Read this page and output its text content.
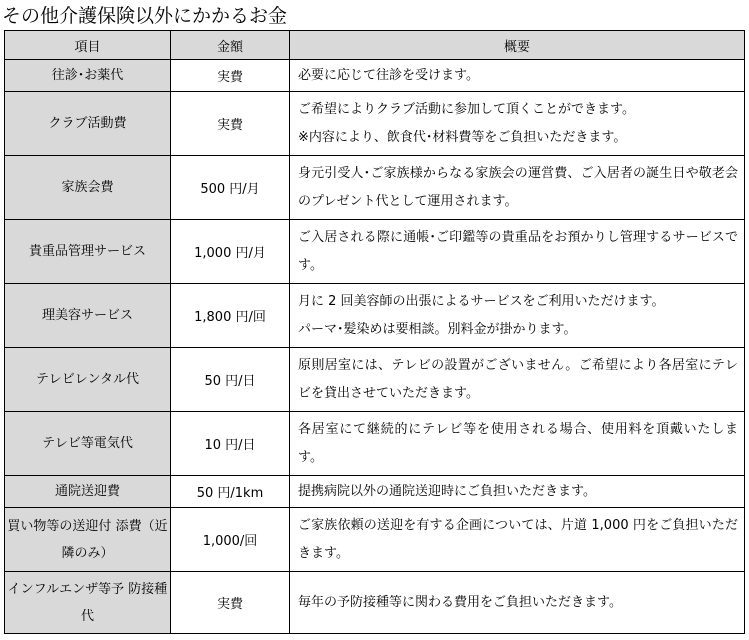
その他介護保険以外にかかるお金
項目	金額	概要
往診･お薬代	実費	必要に応じて往診を受けます。

クラブ活動費	実費	ご希望によりクラブ活動に参加して頂くことができます。
※内容により、飲食代･材料費等をご負担いただきます。

家族会費	500 円/月	身元引受人･ご家族様からなる家族会の運営費、ご入居者の誕生日や敬老会のプレゼント代として運用されます。

貴重品管理サービス	1,000 円/月	ご入居される際に通帳･ご印鑑等の貴重品をお預かりし管理するサービスです。

理美容サービス	1,800 円/回	月に 2 回美容師の出張によるサービスをご利用いただけます。
パーマ･髪染めは要相談。別料金が掛かります。

テレビレンタル代	50 円/日	原則居室には、テレビの設置がございません。ご希望により各居室にテレビを貸出させていただきます。

テレビ等電気代	10 円/日	各居室にて継続的にテレビ等を使用される場合、使用料を頂戴いたします。

通院送迎費	50 円/1km	提携病院以外の通院送迎時にご負担いただきます。

買い物等の送迎付 添費（近隣のみ）	1,000/回	ご家族依頼の送迎を有する企画については、片道 1,000 円をご負担いただきます。

インフルエンザ等予 防接種代	実費	毎年の予防接種等に関わる費用をご負担いただきます。
